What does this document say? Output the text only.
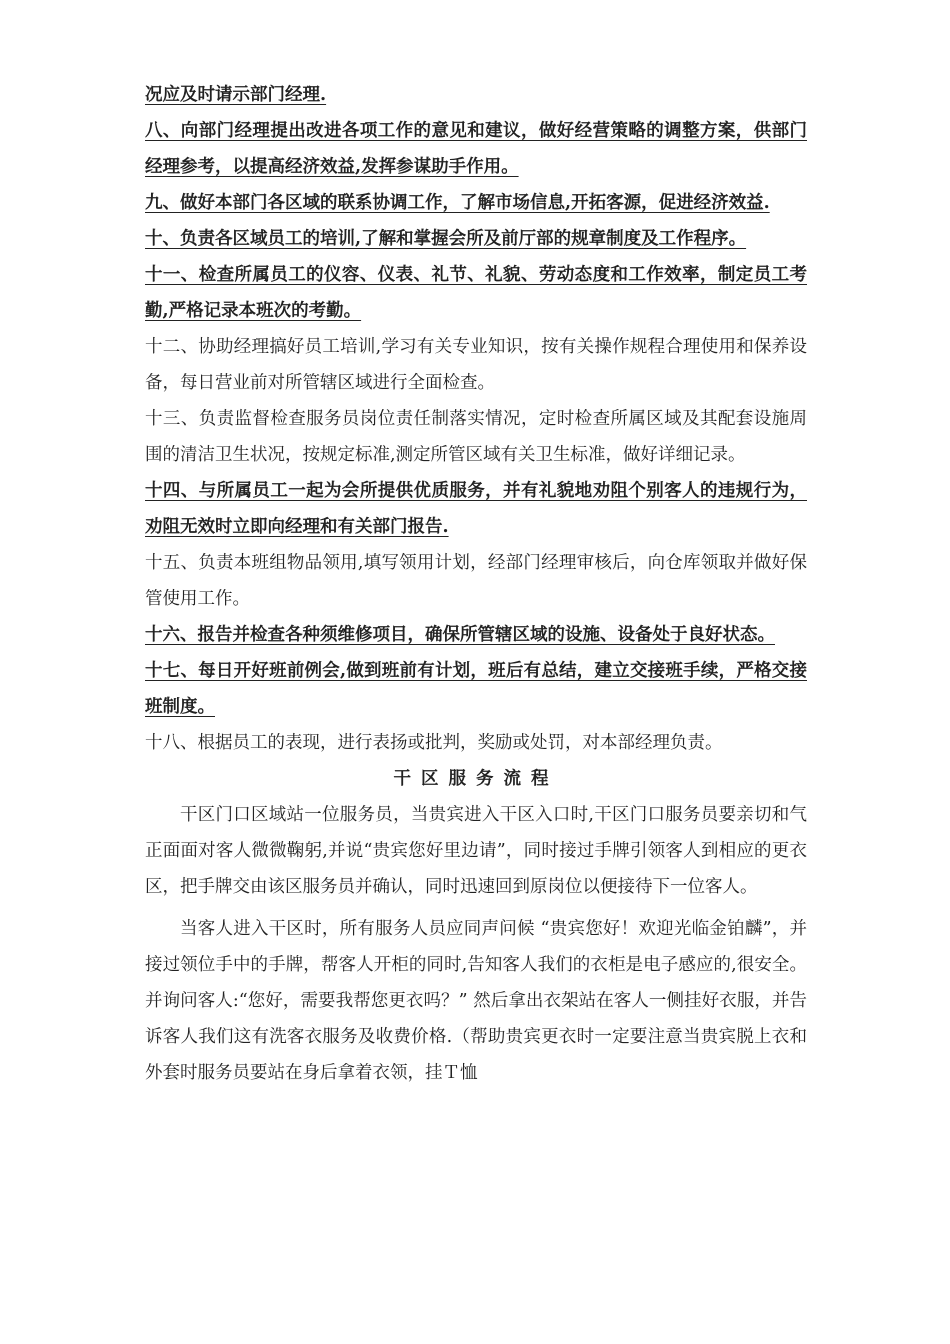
况应及时请示部门经理.

八、向部门经理提出改进各项工作的意见和建议，做好经营策略的调整方案，供部门经理参考，以提高经济效益,发挥参谋助手作用。

九、做好本部门各区域的联系协调工作，了解市场信息,开拓客源，促进经济效益.

十、负责各区域员工的培训,了解和掌握会所及前厅部的规章制度及工作程序。

十一、检查所属员工的仪容、仪表、礼节、礼貌、劳动态度和工作效率，制定员工考勤,严格记录本班次的考勤。

十二、协助经理搞好员工培训,学习有关专业知识，按有关操作规程合理使用和保养设备，每日营业前对所管辖区域进行全面检查。

十三、负责监督检查服务员岗位责任制落实情况，定时检查所属区域及其配套设施周围的清洁卫生状况，按规定标准,测定所管区域有关卫生标准，做好详细记录。

十四、与所属员工一起为会所提供优质服务，并有礼貌地劝阻个别客人的违规行为，劝阻无效时立即向经理和有关部门报告.

十五、负责本班组物品领用,填写领用计划，经部门经理审核后，向仓库领取并做好保管使用工作。

十六、报告并检查各种须维修项目，确保所管辖区域的设施、设备处于良好状态。

十七、每日开好班前例会,做到班前有计划，班后有总结，建立交接班手续，严格交接班制度。

十八、根据员工的表现，进行表扬或批判，奖励或处罚，对本部经理负责。

干区服务流程

干区门口区域站一位服务员，当贵宾进入干区入口时,干区门口服务员要亲切和气正面面对客人微微鞠躬,并说“贵宾您好里边请”，同时接过手牌引领客人到相应的更衣区，把手牌交由该区服务员并确认，同时迅速回到原岗位以便接待下一位客人。

当客人进入干区时，所有服务人员应同声问候 “贵宾您好！欢迎光临金铂麟”，并接过领位手中的手牌，帮客人开柜的同时,告知客人我们的衣柜是电子感应的,很安全。并询问客人:“您好，需要我帮您更衣吗？” 然后拿出衣架站在客人一侧挂好衣服，并告诉客人我们这有洗客衣服务及收费价格.（帮助贵宾更衣时一定要注意当贵宾脱上衣和外套时服务员要站在身后拿着衣领，挂Ｔ恤
